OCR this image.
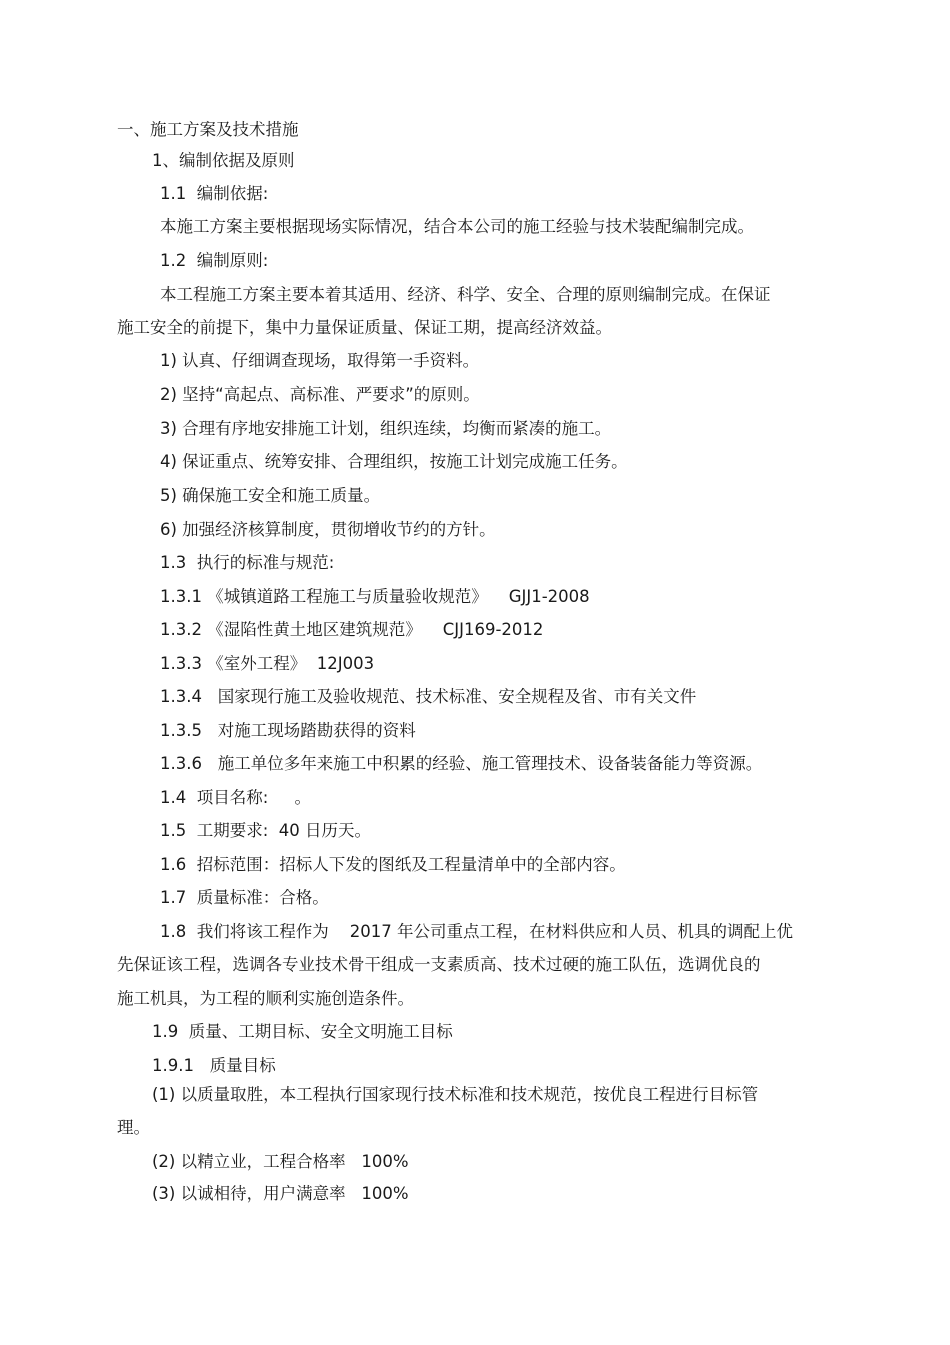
一、施工方案及技术措施
1、编制依据及原则
1.1  编制依据:
本施工方案主要根据现场实际情况，结合本公司的施工经验与技术装配编制完成。
1.2  编制原则:
本工程施工方案主要本着其适用、经济、科学、安全、合理的原则编制完成。在保证
施工安全的前提下，集中力量保证质量、保证工期，提高经济效益。
1) 认真、仔细调查现场，取得第一手资料。
2) 坚持“高起点、高标准、严要求”的原则。
3) 合理有序地安排施工计划，组织连续，均衡而紧凑的施工。
4) 保证重点、统筹安排、合理组织，按施工计划完成施工任务。
5) 确保施工安全和施工质量。
6) 加强经济核算制度，贯彻增收节约的方针。
1.3  执行的标准与规范:
1.3.1 《城镇道路工程施工与质量验收规范》    GJJ1-2008
1.3.2 《湿陷性黄土地区建筑规范》    CJJ169-2012
1.3.3 《室外工程》  12J003
1.3.4   国家现行施工及验收规范、技术标准、安全规程及省、市有关文件
1.3.5   对施工现场踏勘获得的资料
1.3.6   施工单位多年来施工中积累的经验、施工管理技术、设备装备能力等资源。
1.4  项目名称:     。
1.5  工期要求:  40 日历天。
1.6  招标范围：招标人下发的图纸及工程量清单中的全部内容。
1.7  质量标准：合格。
1.8  我们将该工程作为    2017 年公司重点工程，在材料供应和人员、机具的调配上优
先保证该工程，选调各专业技术骨干组成一支素质高、技术过硬的施工队伍，选调优良的
施工机具，为工程的顺利实施创造条件。
1.9  质量、工期目标、安全文明施工目标
1.9.1   质量目标
(1) 以质量取胜，本工程执行国家现行技术标准和技术规范，按优良工程进行目标管
理。
(2) 以精立业，工程合格率   100%
(3) 以诚相待，用户满意率   100%
